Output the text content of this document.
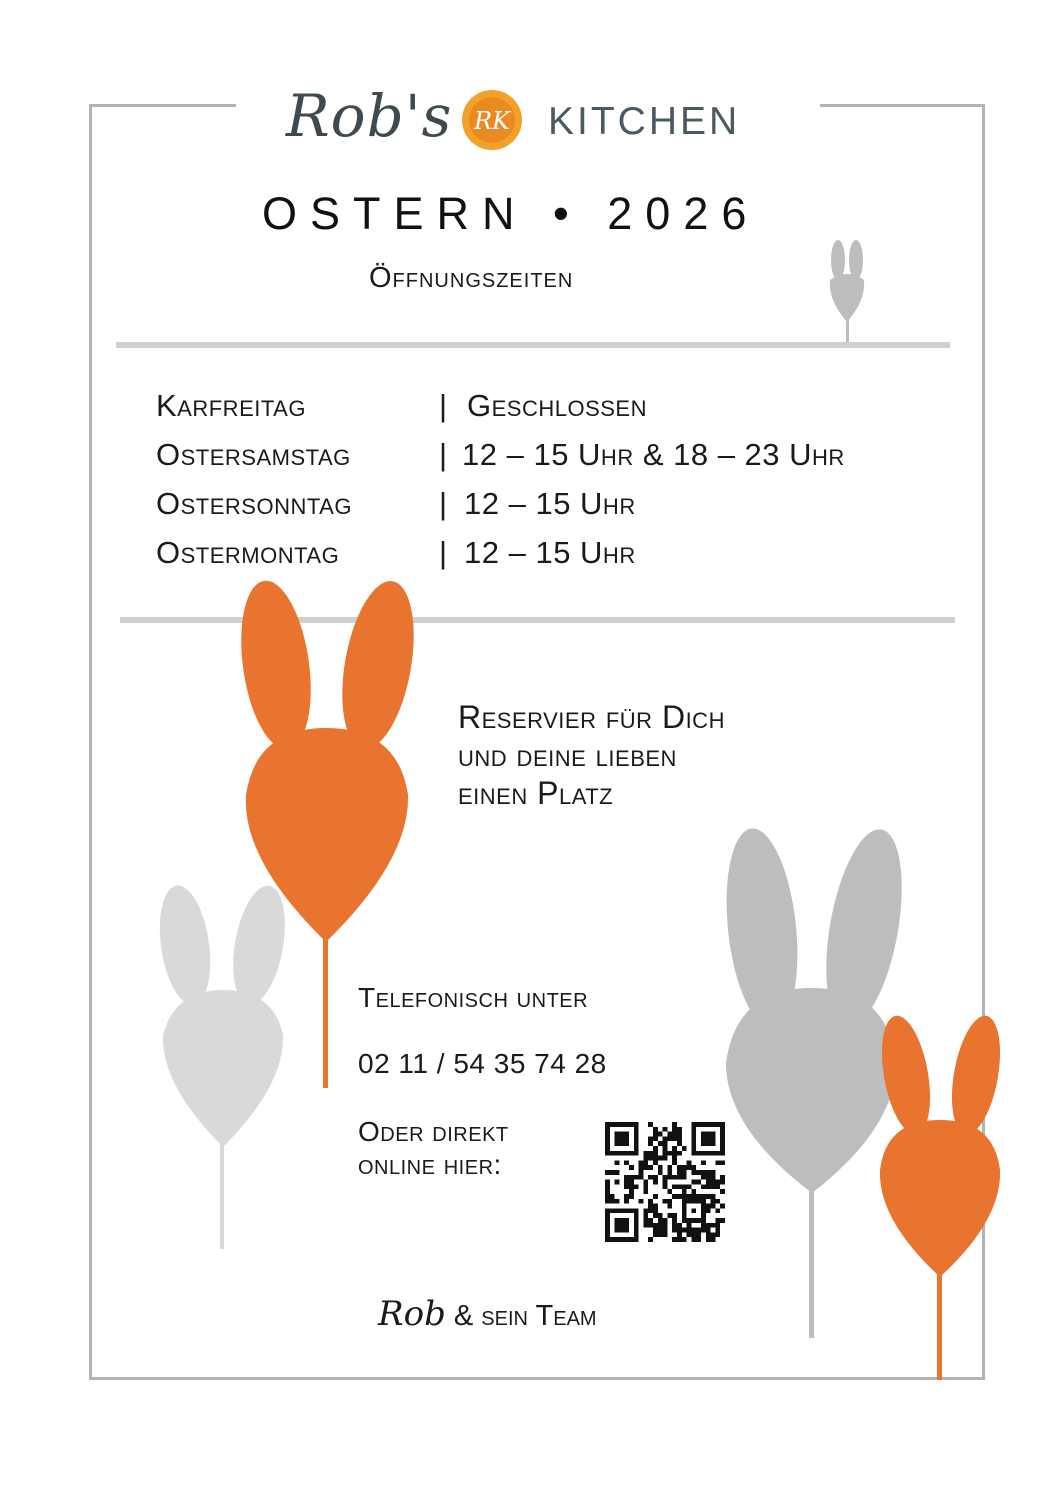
Rob's RK KITCHEN
OSTERN • 2026
Öffnungszeiten
Karfreitag	| Geschlossen
Ostersamstag	| 12 – 15 Uhr & 18 – 23 Uhr
Ostersonntag	| 12 – 15 Uhr
Ostermontag	| 12 – 15 Uhr
Reservier für Dich
und deine lieben
einen Platz
Telefonisch unter
02 11 / 54 35 74 28
Oder direkt
online hier:
Rob & sein Team
